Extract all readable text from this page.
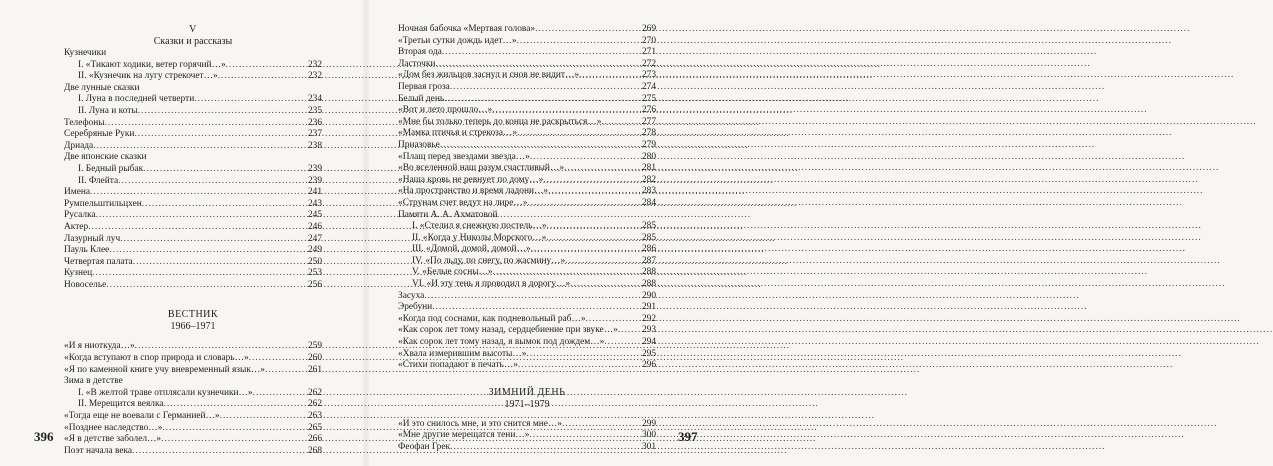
V
Сказки и рассказы
Кузнечики
I. «Тикают ходики, ветер горячий…» .....	232
II. «Кузнечик на лугу стрекочет…» .....	232
Две лунные сказки
I. Луна в последней четверти .....	234
II. Луна и коты .....	235
Телефоны .....	236
Серебряные Руки .....	237
Дриада .....	238
Две японские сказки
I. Бедный рыбак .....	239
II. Флейта .....	239
Имена .....	241
Румпельштильцхен .....	243
Русалка .....	245
Актер .....	246
Лазурный луч .....	247
Пауль Клее .....	249
Четвертая палата .....	250
Кузнец .....	253
Новоселье .....	256
ВЕСТНИК
1966–1971
«И я ниоткуда…» .....	259
«Когда вступают в спор природа и словарь…» .....	260
«Я по каменной книге учу вневременный язык…» .....	261
Зима в детстве
I. «В желтой траве отплясали кузнечики…» .....	262
II. Мерещится веялка .....	262
«Тогда еще не воевали с Германией…» .....	263
«Позднее наследство…» .....	265
«Я в детстве заболел…» .....	266
Поэт начала века .....	268
Ночная бабочка «Мертвая голова» .....	269
«Третьи сутки дождь идет…» .....	270
Вторая ода .....	271
Ласточки .....	272
«Дом без жильцов заснул и снов не видит…» .....	273
Первая гроза .....	274
Белый день .....	275
«Вот и лето прошло…» .....	276
«Мне бы только теперь до конца не раскрыться…» .....	277
«Мамка птичья и стрекоза…» .....	278
Приазовье .....	279
«Плащ перед звездами звезда…» .....	280
«Во вселенной наш разум счастливый…» .....	281
«Наша кровь не ревнует по дому…» .....	282
«На пространство и время ладони…» .....	283
«Струнам счет ведут на лире…» .....	284
Памяти А. А. Ахматовой
I. «Стелил я снежную постель…» .....	285
II. «Когда у Николы Морского…» .....	285
III. «Домой, домой, домой…» .....	286
IV. «По льду, по снегу, по жасмину…» .....	287
V. «Белые сосны…» .....	288
VI. «И эту тень я проводил в дорогу…» .....	288
Засуха .....	290
Эребуни .....	291
«Когда под соснами, как подневольный раб…» .....	292
«Как сорок лет тому назад, сердцебиение при звуке…» .....	293
«Как сорок лет тому назад, я вымок под дождем…» .....	294
«Хвала измерившим высоты…» .....	295
«Стихи попадают в печать…» .....	296
ЗИМНИЙ ДЕНЬ
1971–1979
«И это снилось мне, и это снится мне…» .....	299
«Мне другие мерещатся тени…» .....	300
Феофан Грек .....	301
396	397
